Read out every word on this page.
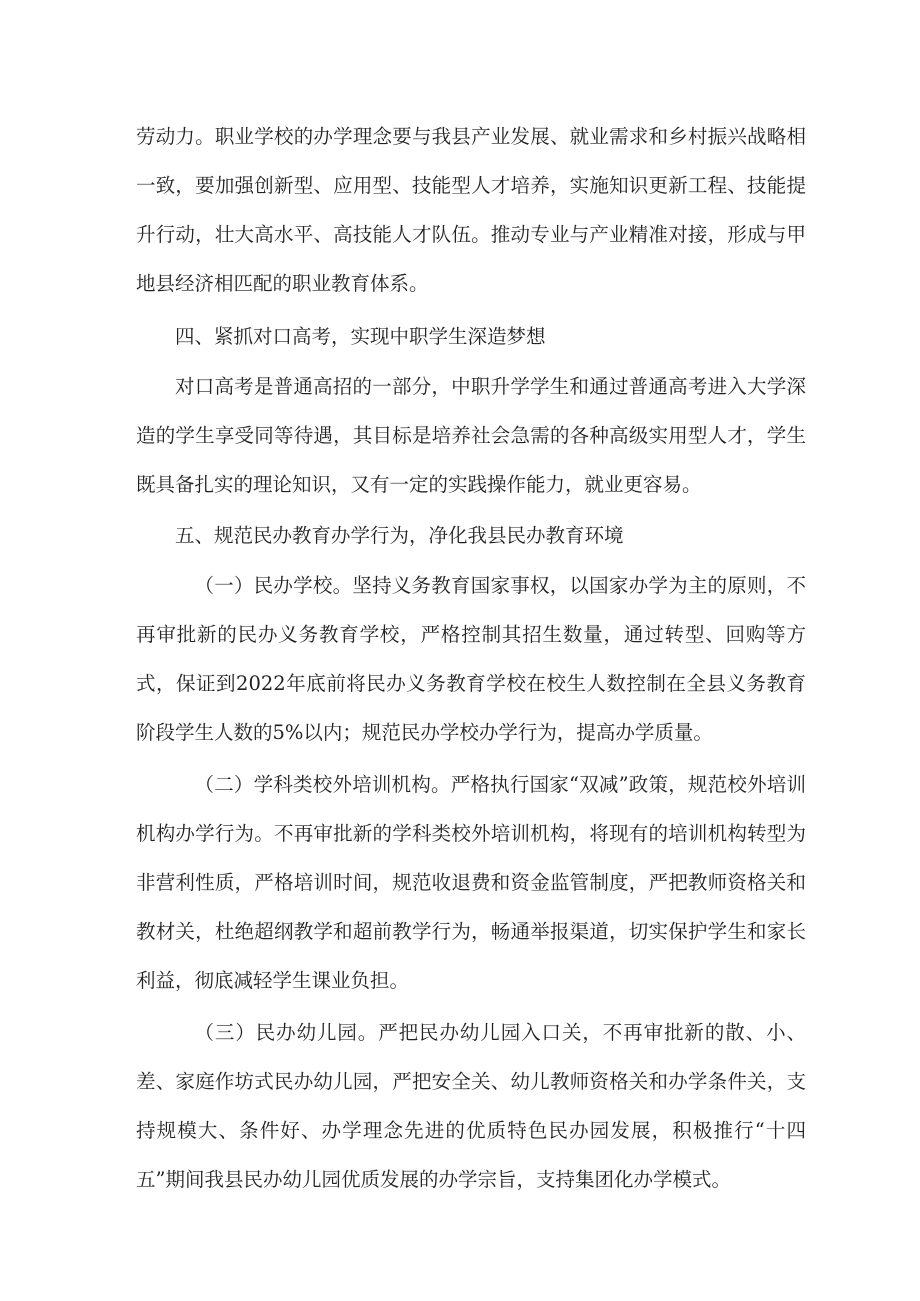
劳动力。职业学校的办学理念要与我县产业发展、就业需求和乡村振兴战略相一致，要加强创新型、应用型、技能型人才培养，实施知识更新工程、技能提升行动，壮大高水平、高技能人才队伍。推动专业与产业精准对接，形成与甲地县经济相匹配的职业教育体系。

四、紧抓对口高考，实现中职学生深造梦想

对口高考是普通高招的一部分，中职升学学生和通过普通高考进入大学深造的学生享受同等待遇，其目标是培养社会急需的各种高级实用型人才，学生既具备扎实的理论知识，又有一定的实践操作能力，就业更容易。

五、规范民办教育办学行为，净化我县民办教育环境

（一）民办学校。坚持义务教育国家事权，以国家办学为主的原则，不再审批新的民办义务教育学校，严格控制其招生数量，通过转型、回购等方式，保证到2022年底前将民办义务教育学校在校生人数控制在全县义务教育阶段学生人数的5%以内；规范民办学校办学行为，提高办学质量。

（二）学科类校外培训机构。严格执行国家“双减”政策，规范校外培训机构办学行为。不再审批新的学科类校外培训机构，将现有的培训机构转型为非营利性质，严格培训时间，规范收退费和资金监管制度，严把教师资格关和教材关，杜绝超纲教学和超前教学行为，畅通举报渠道，切实保护学生和家长利益，彻底减轻学生课业负担。

（三）民办幼儿园。严把民办幼儿园入口关，不再审批新的散、小、差、家庭作坊式民办幼儿园，严把安全关、幼儿教师资格关和办学条件关，支持规模大、条件好、办学理念先进的优质特色民办园发展，积极推行“十四五”期间我县民办幼儿园优质发展的办学宗旨，支持集团化办学模式。
